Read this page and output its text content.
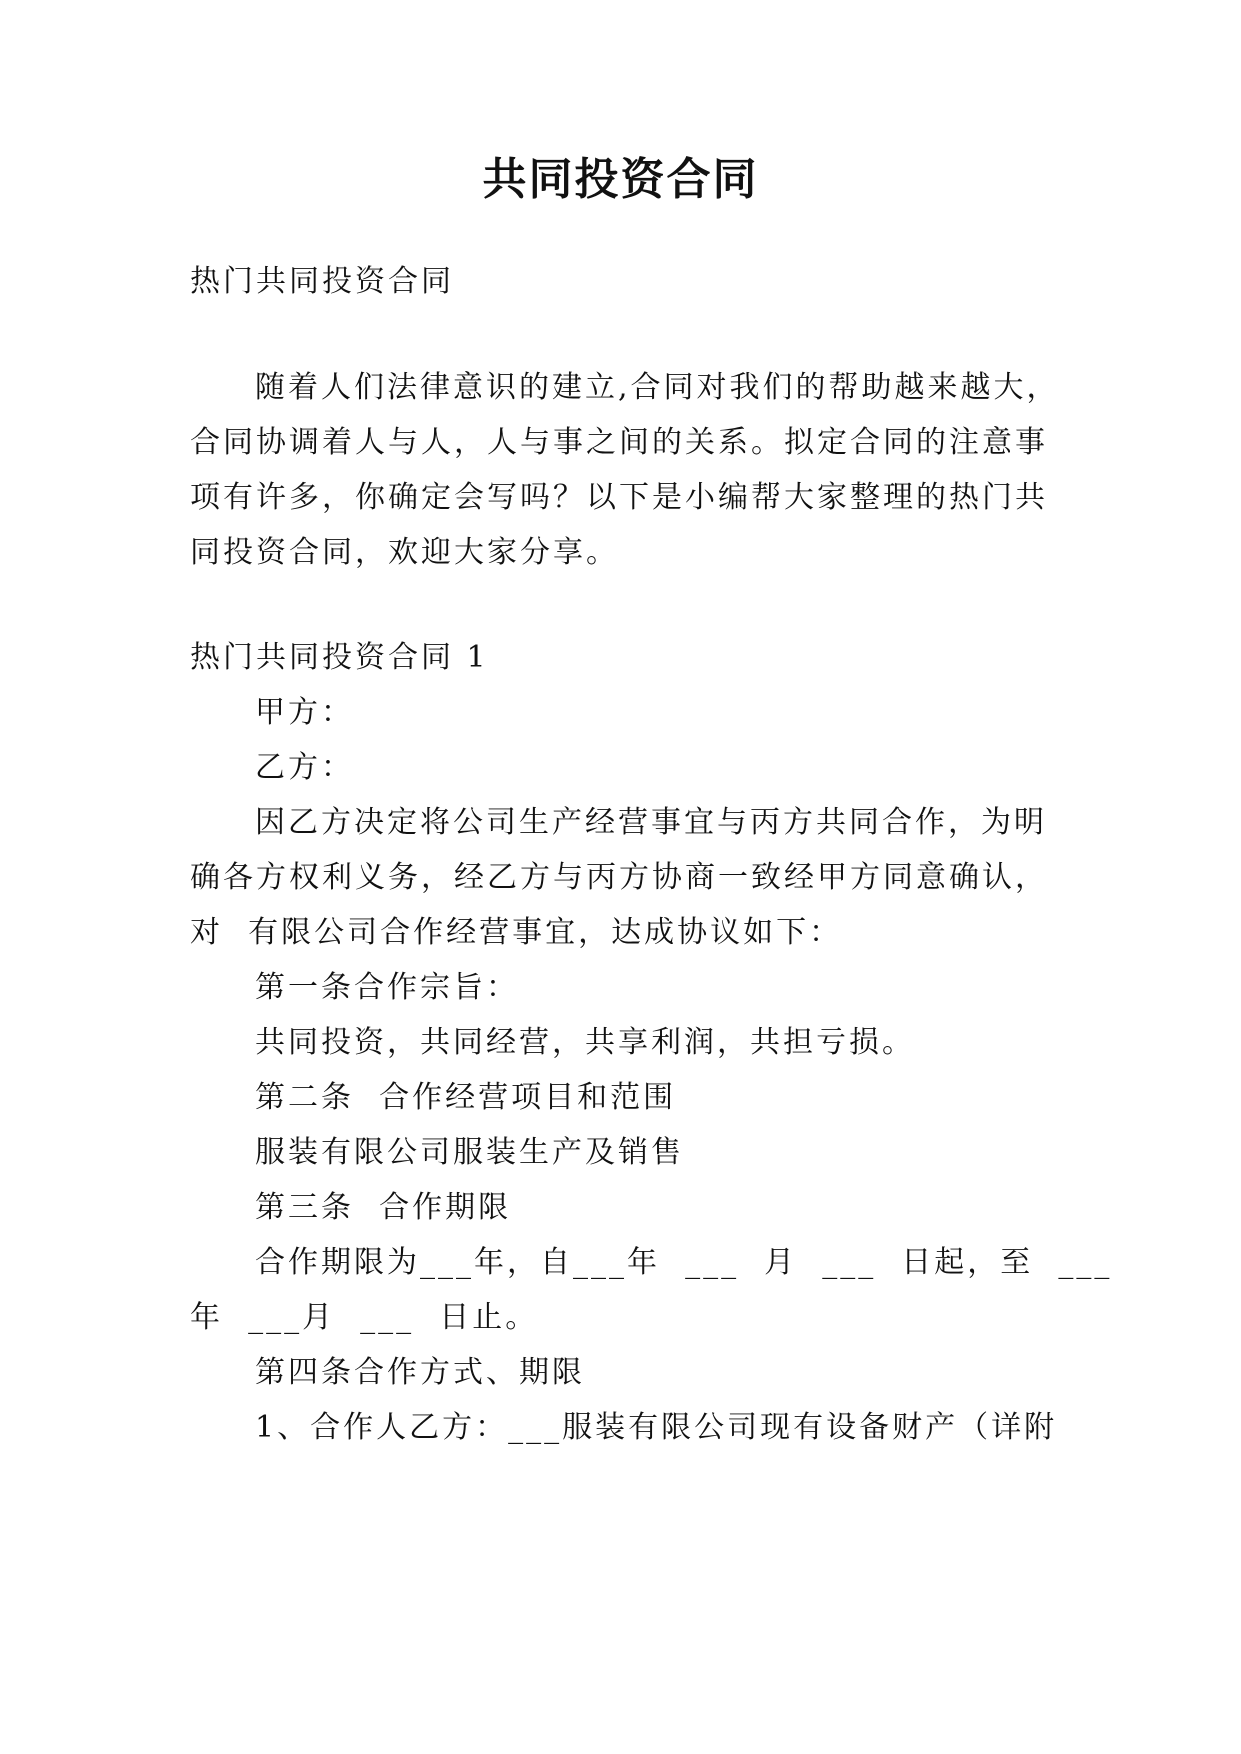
共同投资合同
热门共同投资合同
随着人们法律意识的建立,合同对我们的帮助越来越大，
合同协调着人与人，人与事之间的关系。拟定合同的注意事
项有许多，你确定会写吗？以下是小编帮大家整理的热门共
同投资合同，欢迎大家分享。
热门共同投资合同 1
甲方：
乙方：
因乙方决定将公司生产经营事宜与丙方共同合作，为明
确各方权利义务，经乙方与丙方协商一致经甲方同意确认，
对  有限公司合作经营事宜，达成协议如下：
第一条合作宗旨：
共同投资，共同经营，共享利润，共担亏损。
第二条  合作经营项目和范围
服装有限公司服装生产及销售
第三条  合作期限
合作期限为___年，自___年  ___  月  ___  日起，至  ___
年  ___月  ___  日止。
第四条合作方式、期限
1、合作人乙方：___服装有限公司现有设备财产（详附
